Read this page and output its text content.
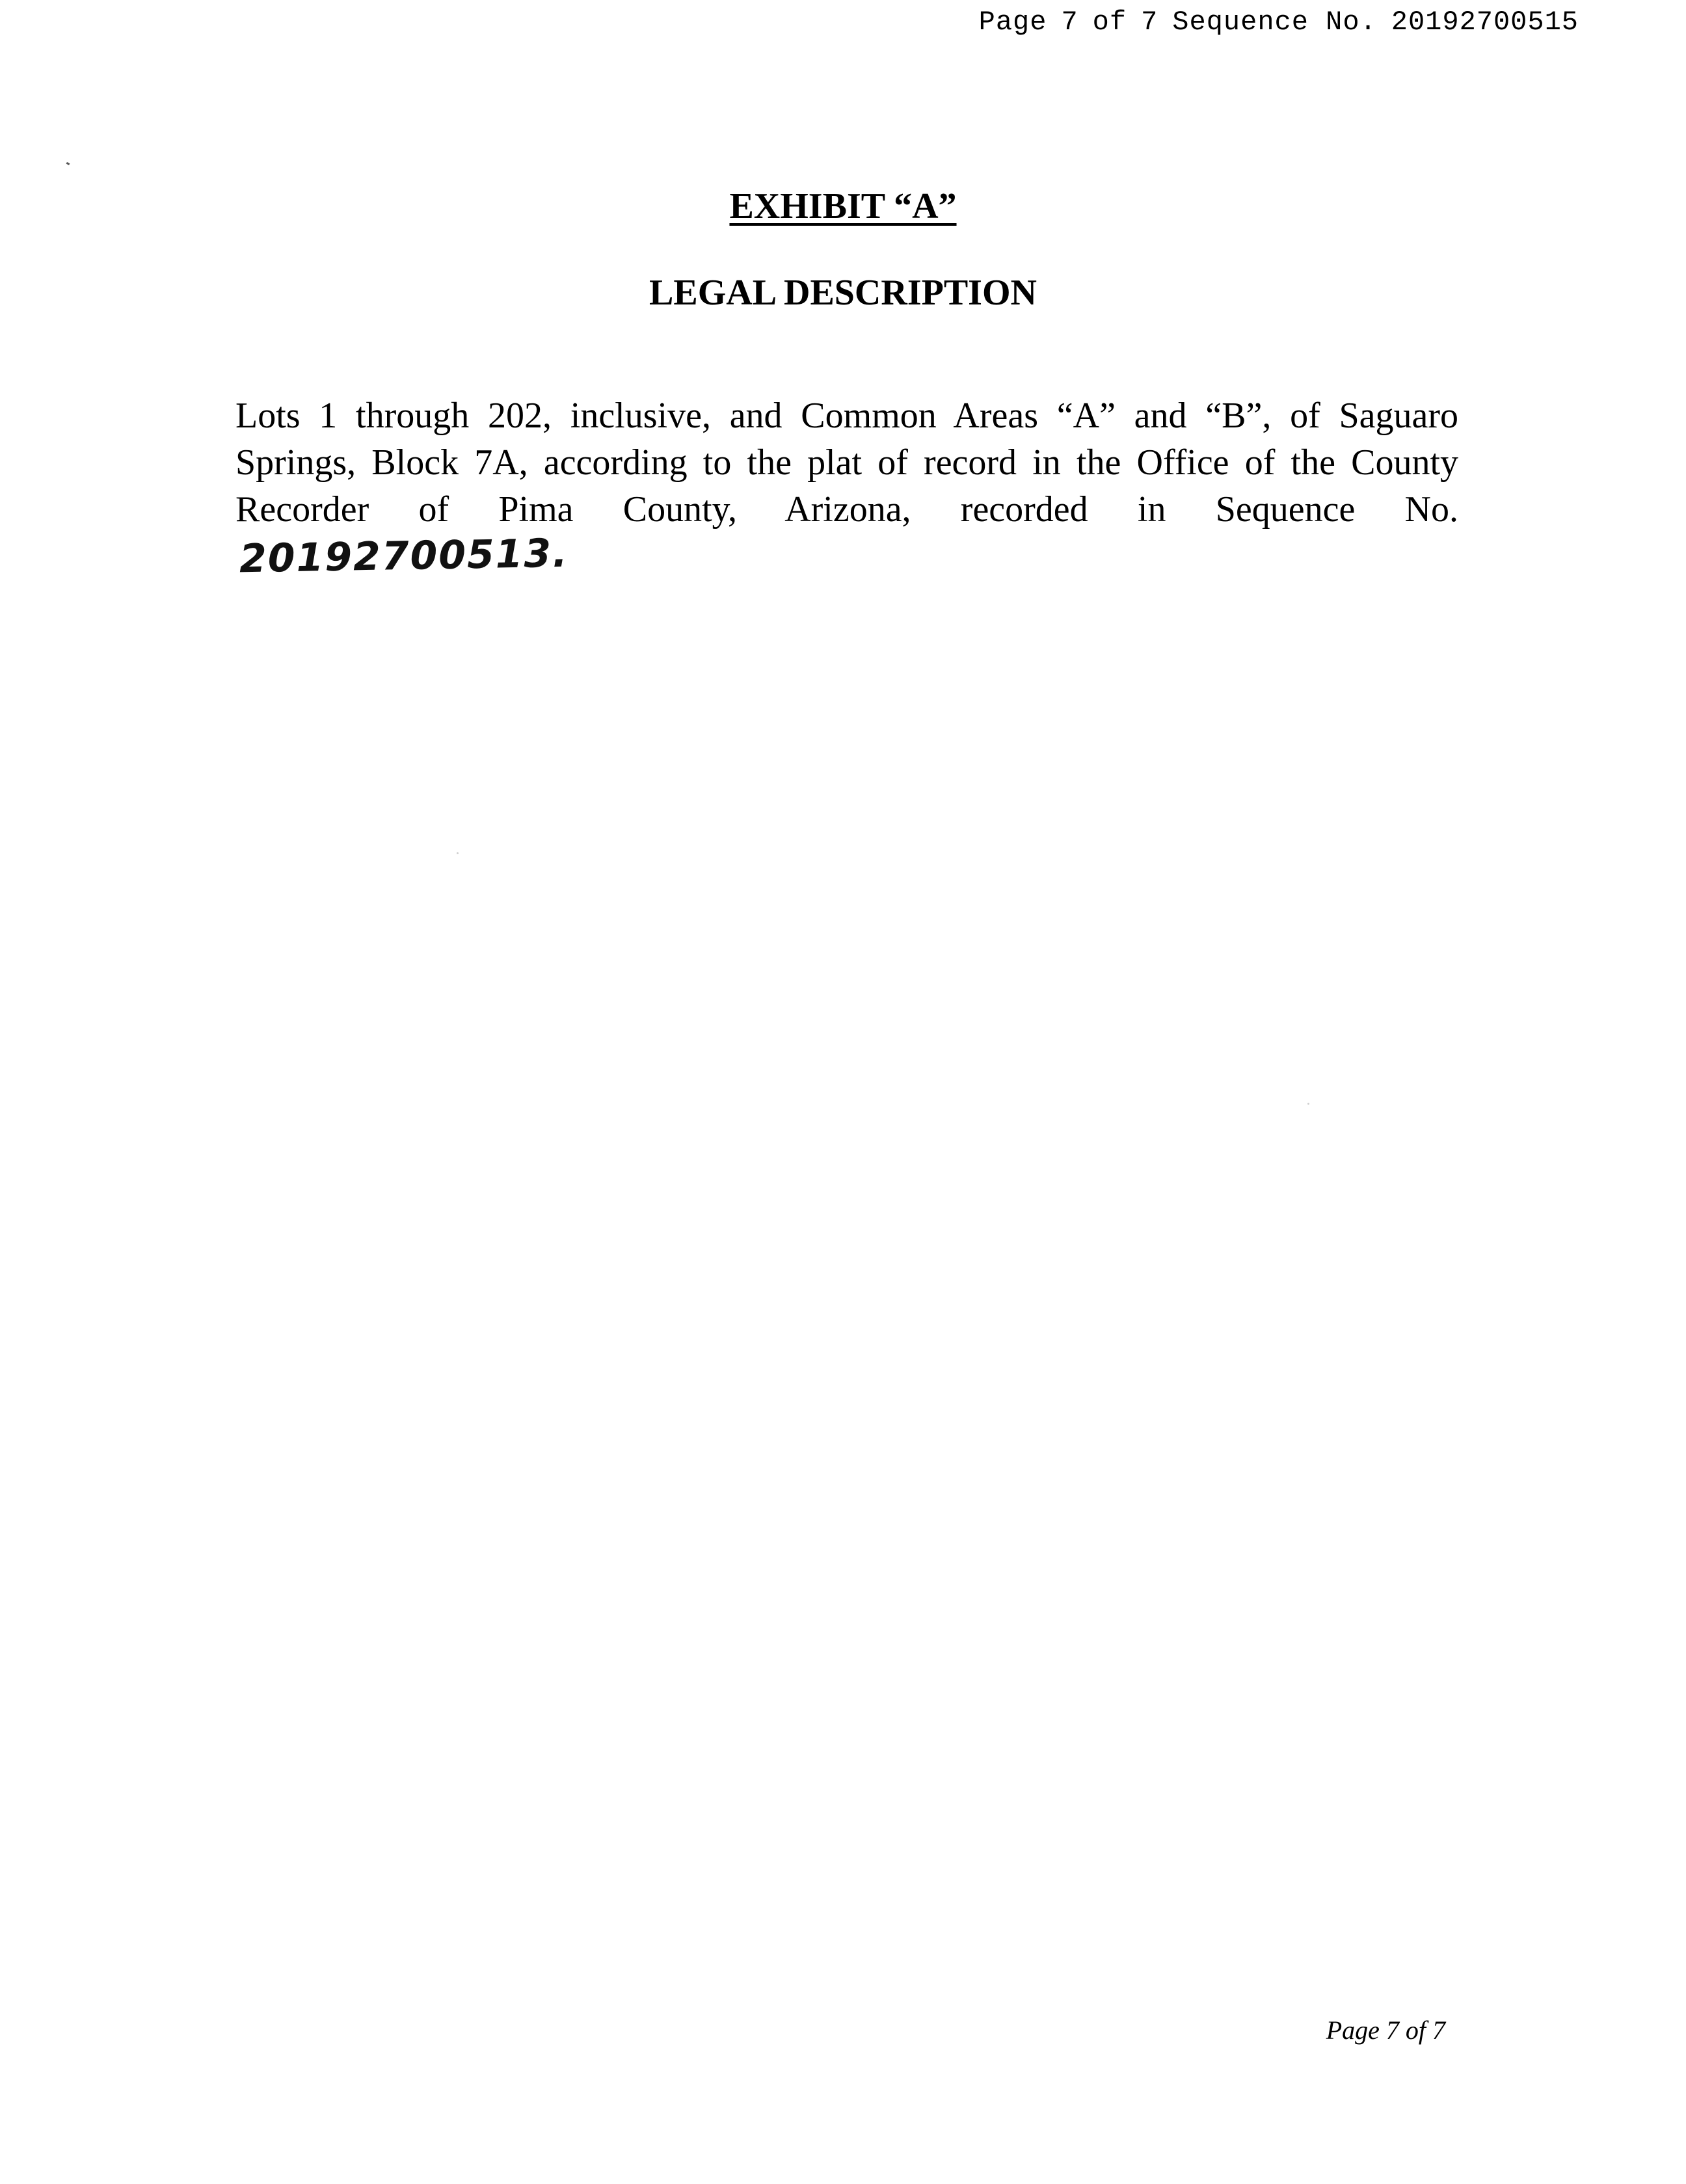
Page 7 of 7 Sequence No. 20192700515
EXHIBIT “A”
LEGAL DESCRIPTION
Lots 1 through 202, inclusive, and Common Areas “A” and “B”, of Saguaro Springs, Block 7A, according to the plat of record in the Office of the County Recorder of Pima County, Arizona, recorded in Sequence No. 20192700513.
Page 7 of 7
